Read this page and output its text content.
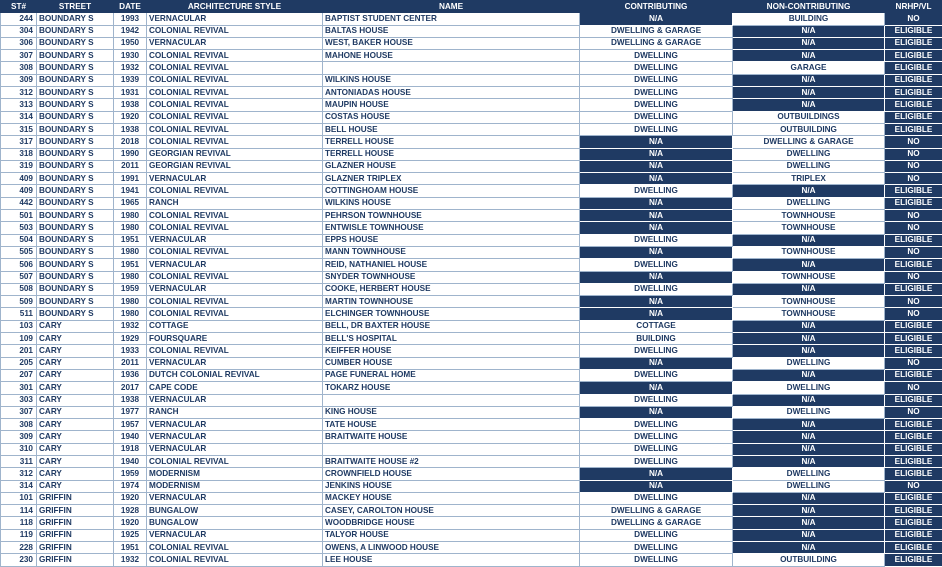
ST#	STREET	DATE	ARCHITECTURE STYLE	NAME	CONTRIBUTING	NON-CONTRIBUTING	NRHP/VL
244	BOUNDARY S	1993	VERNACULAR	BAPTIST STUDENT CENTER	N/A	BUILDING	NO
304	BOUNDARY S	1942	COLONIAL REVIVAL	BALTAS HOUSE	DWELLING & GARAGE	N/A	ELIGIBLE
306	BOUNDARY S	1950	VERNACULAR	WEST, BAKER HOUSE	DWELLING & GARAGE	N/A	ELIGIBLE
307	BOUNDARY S	1930	COLONIAL REVIVAL	MAHONE HOUSE	DWELLING	N/A	ELIGIBLE
308	BOUNDARY S	1932	COLONIAL REVIVAL		DWELLING	GARAGE	ELIGIBLE
309	BOUNDARY S	1939	COLONIAL REVIVAL	WILKINS HOUSE	DWELLING	N/A	ELIGIBLE
312	BOUNDARY S	1931	COLONIAL REVIVAL	ANTONIADAS HOUSE	DWELLING	N/A	ELIGIBLE
313	BOUNDARY S	1938	COLONIAL REVIVAL	MAUPIN HOUSE	DWELLING	N/A	ELIGIBLE
314	BOUNDARY S	1920	COLONIAL REVIVAL	COSTAS HOUSE	DWELLING	OUTBUILDINGS	ELIGIBLE
315	BOUNDARY S	1938	COLONIAL REVIVAL	BELL HOUSE	DWELLING	OUTBUILDING	ELIGIBLE
317	BOUNDARY S	2018	COLONIAL REVIVAL	TERRELL HOUSE	N/A	DWELLING & GARAGE	NO
318	BOUNDARY S	1990	GEORGIAN REVIVAL	TERRELL HOUSE	N/A	DWELLING	NO
319	BOUNDARY S	2011	GEORGIAN REVIVAL	GLAZNER HOUSE	N/A	DWELLING	NO
409	BOUNDARY S	1991	VERNACULAR	GLAZNER TRIPLEX	N/A	TRIPLEX	NO
409	BOUNDARY S	1941	COLONIAL REVIVAL	COTTINGHOAM HOUSE	DWELLING	N/A	ELIGIBLE
442	BOUNDARY S	1965	RANCH	WILKINS HOUSE	N/A	DWELLING	ELIGIBLE
501	BOUNDARY S	1980	COLONIAL REVIVAL	PEHRSON TOWNHOUSE	N/A	TOWNHOUSE	NO
503	BOUNDARY S	1980	COLONIAL REVIVAL	ENTWISLE TOWNHOUSE	N/A	TOWNHOUSE	NO
504	BOUNDARY S	1951	VERNACULAR	EPPS HOUSE	DWELLING	N/A	ELIGIBLE
505	BOUNDARY S	1980	COLONIAL REVIVAL	MANN TOWNHOUSE	N/A	TOWNHOUSE	NO
506	BOUNDARY S	1951	VERNACULAR	REID, NATHANIEL HOUSE	DWELLING	N/A	ELIGIBLE
507	BOUNDARY S	1980	COLONIAL REVIVAL	SNYDER TOWNHOUSE	N/A	TOWNHOUSE	NO
508	BOUNDARY S	1959	VERNACULAR	COOKE, HERBERT HOUSE	DWELLING	N/A	ELIGIBLE
509	BOUNDARY S	1980	COLONIAL REVIVAL	MARTIN TOWNHOUSE	N/A	TOWNHOUSE	NO
511	BOUNDARY S	1980	COLONIAL REVIVAL	ELCHINGER TOWNHOUSE	N/A	TOWNHOUSE	NO
103	CARY	1932	COTTAGE	BELL, DR BAXTER HOUSE	COTTAGE	N/A	ELIGIBLE
109	CARY	1929	FOURSQUARE	BELL'S HOSPITAL	BUILDING	N/A	ELIGIBLE
201	CARY	1933	COLONIAL REVIVAL	KEIFFER HOUSE	DWELLING	N/A	ELIGIBLE
205	CARY	2011	VERNACULAR	CUMBER HOUSE	N/A	DWELLING	NO
207	CARY	1936	DUTCH COLONIAL REVIVAL	PAGE FUNERAL HOME	DWELLING	N/A	ELIGIBLE
301	CARY	2017	CAPE CODE	TOKARZ HOUSE	N/A	DWELLING	NO
303	CARY	1938	VERNACULAR		DWELLING	N/A	ELIGIBLE
307	CARY	1977	RANCH	KING HOUSE	N/A	DWELLING	NO
308	CARY	1957	VERNACULAR	TATE HOUSE	DWELLING	N/A	ELIGIBLE
309	CARY	1940	VERNACULAR	BRAITWAITE HOUSE	DWELLING	N/A	ELIGIBLE
310	CARY	1918	VERNACULAR		DWELLING	N/A	ELIGIBLE
311	CARY	1940	COLONIAL REVIVAL	BRAITWAITE HOUSE #2	DWELLING	N/A	ELIGIBLE
312	CARY	1959	MODERNISM	CROWNFIELD HOUSE	N/A	DWELLING	ELIGIBLE
314	CARY	1974	MODERNISM	JENKINS HOUSE	N/A	DWELLING	NO
101	GRIFFIN	1920	VERNACULAR	MACKEY HOUSE	DWELLING	N/A	ELIGIBLE
114	GRIFFIN	1928	BUNGALOW	CASEY, CAROLTON HOUSE	DWELLING & GARAGE	N/A	ELIGIBLE
118	GRIFFIN	1920	BUNGALOW	WOODBRIDGE HOUSE	DWELLING & GARAGE	N/A	ELIGIBLE
119	GRIFFIN	1925	VERNACULAR	TALYOR HOUSE	DWELLING	N/A	ELIGIBLE
228	GRIFFIN	1951	COLONIAL REVIVAL	OWENS, A LINWOOD HOUSE	DWELLING	N/A	ELIGIBLE
230	GRIFFIN	1932	COLONIAL REVIVAL	LEE HOUSE	DWELLING	OUTBUILDING	ELIGIBLE
